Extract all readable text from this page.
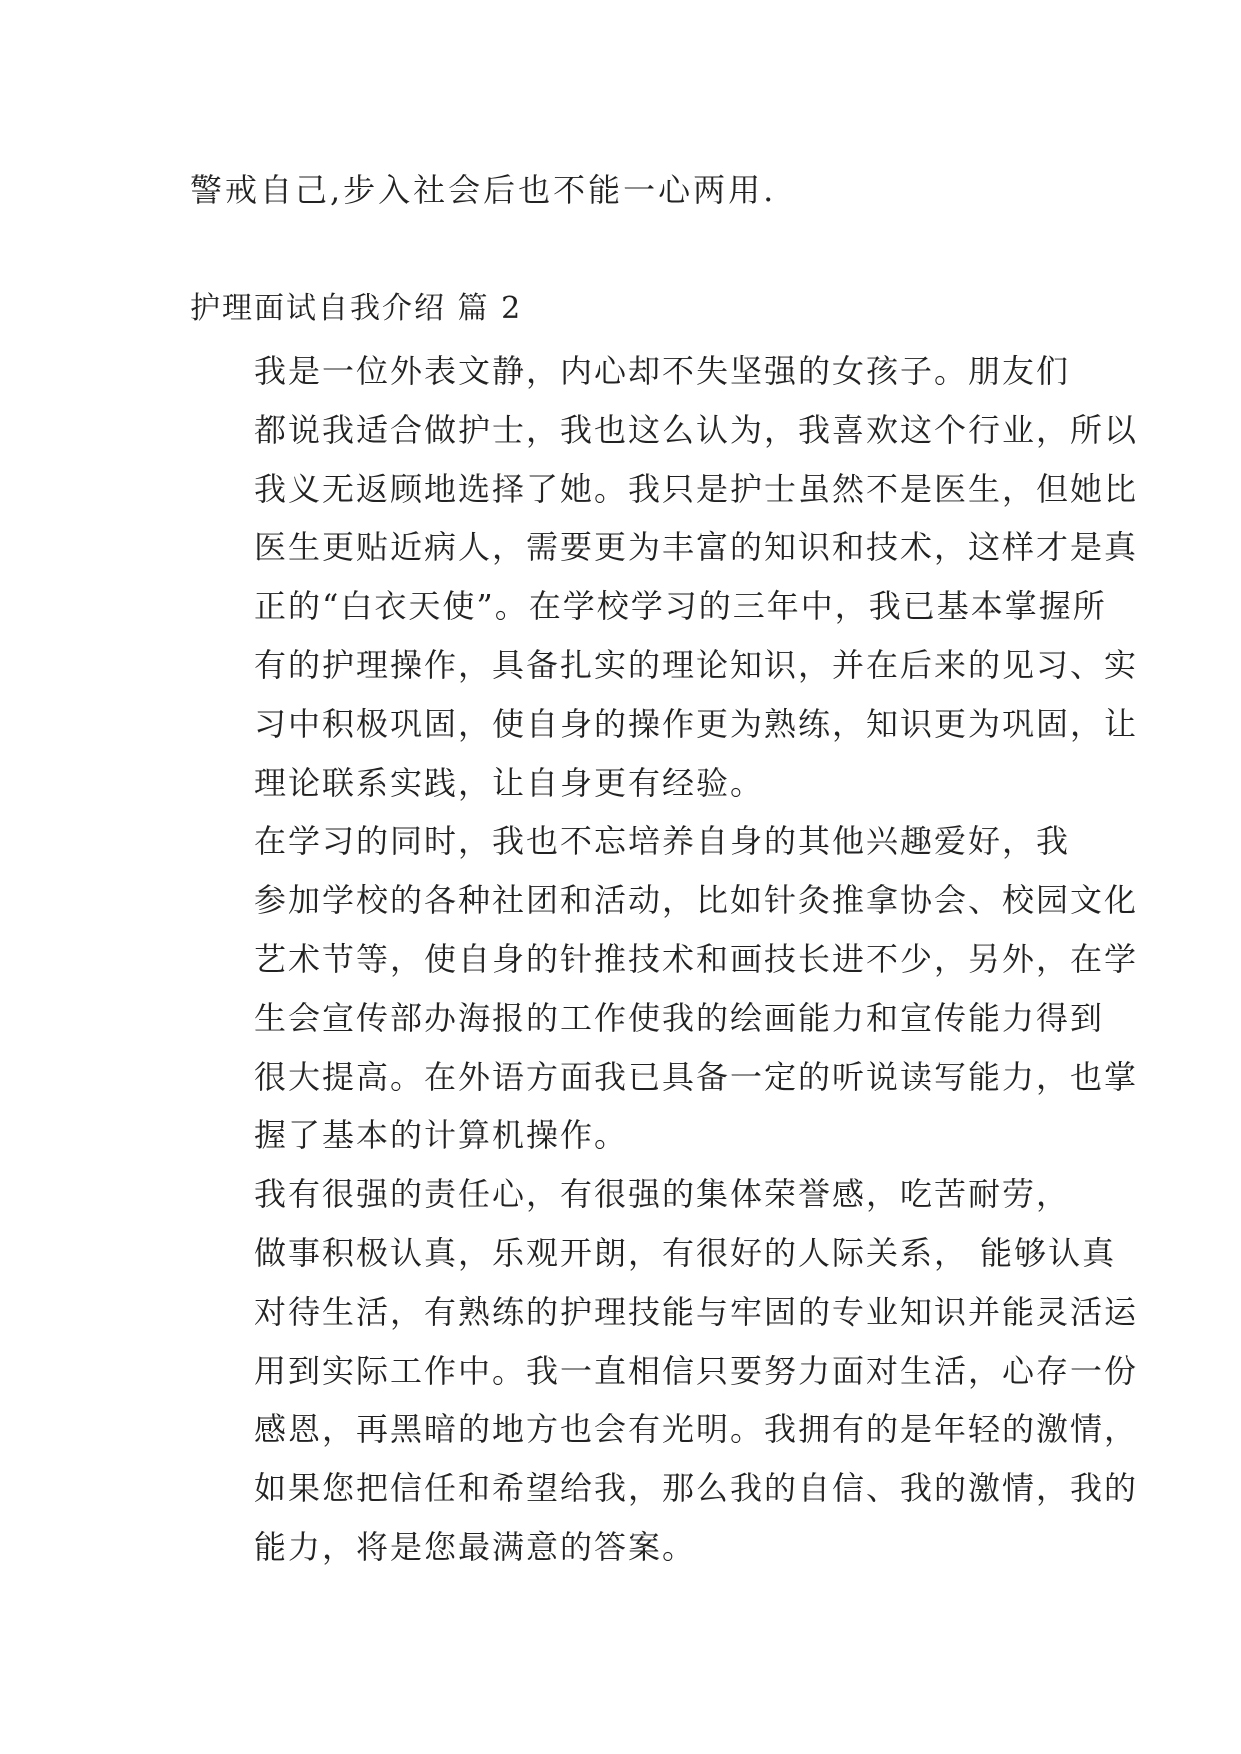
警戒自己,步入社会后也不能一心两用.
护理面试自我介绍 篇 2

我是一位外表文静，内心却不失坚强的女孩子。朋友们
都说我适合做护士，我也这么认为，我喜欢这个行业，所以
我义无返顾地选择了她。我只是护士虽然不是医生，但她比
医生更贴近病人，需要更为丰富的知识和技术，这样才是真
正的“白衣天使”。在学校学习的三年中，我已基本掌握所
有的护理操作，具备扎实的理论知识，并在后来的见习、实
习中积极巩固，使自身的操作更为熟练，知识更为巩固，让
理论联系实践，让自身更有经验。

在学习的同时，我也不忘培养自身的其他兴趣爱好，我
参加学校的各种社团和活动，比如针灸推拿协会、校园文化
艺术节等，使自身的针推技术和画技长进不少，另外，在学
生会宣传部办海报的工作使我的绘画能力和宣传能力得到
很大提高。在外语方面我已具备一定的听说读写能力，也掌
握了基本的计算机操作。

我有很强的责任心，有很强的集体荣誉感，吃苦耐劳，
做事积极认真，乐观开朗，有很好的人际关系， 能够认真
对待生活，有熟练的护理技能与牢固的专业知识并能灵活运
用到实际工作中。我一直相信只要努力面对生活，心存一份
感恩，再黑暗的地方也会有光明。我拥有的是年轻的激情，
如果您把信任和希望给我，那么我的自信、我的激情，我的
能力，将是您最满意的答案。
